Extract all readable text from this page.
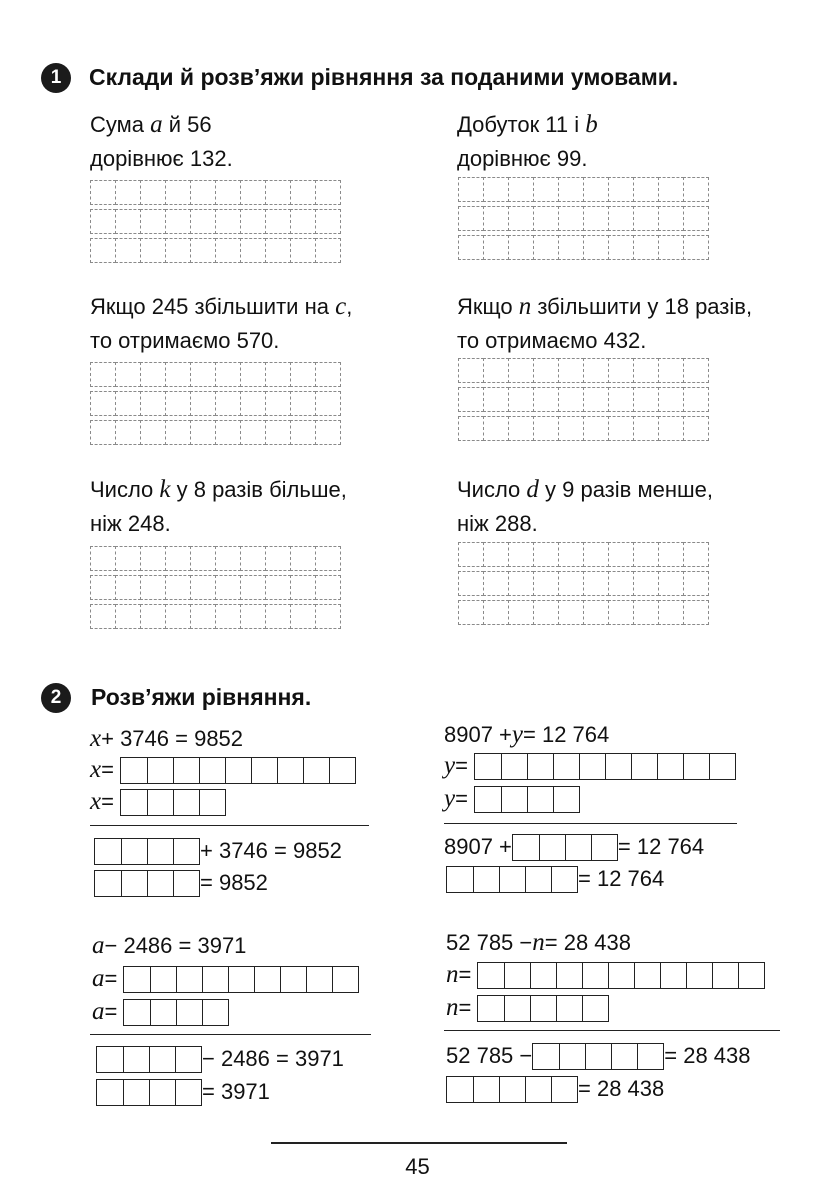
1	Склади й розв’яжи рівняння за поданими умовами.
Сума a й 56
дорівнює 132.
Добуток 11 і b
дорівнює 99.
Якщо 245 збільшити на c,
то отримаємо 570.
Якщо n збільшити у 18 разів,
то отримаємо 432.
Число k у 8 разів більше,
ніж 248.
Число d у 9 разів менше,
ніж 288.
2	Розв’яжи рівняння.
x + 3746 = 9852
x =

x =

+ 3746 = 9852
= 9852
8907 + y = 12 764
y =

y =

8907 +	= 12 764
= 12 764
a − 2486 = 3971
a =

a =

− 2486 = 3971
= 3971
52 785 − n = 28 438
n =

n =

52 785 −	= 28 438
= 28 438
45
